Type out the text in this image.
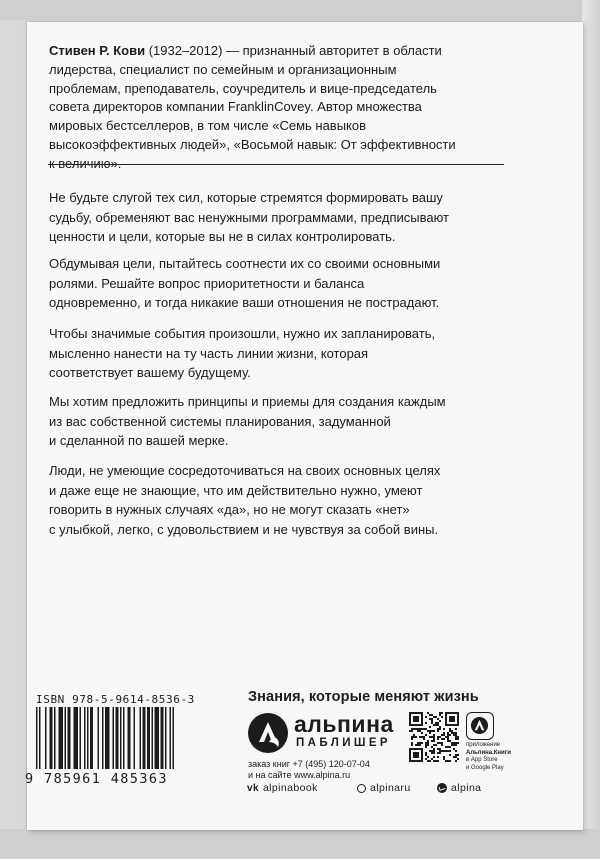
Стивен Р. Кови (1932–2012) — признанный авторитет в области
лидерства, специалист по семейным и организационным
проблемам, преподаватель, соучредитель и вице-председатель
совета директоров компании FranklinCovey. Автор множества
мировых бестселлеров, в том числе «Семь навыков
высокоэффективных людей», «Восьмой навык: От эффективности
к величию».

Не будьте слугой тех сил, которые стремятся формировать вашу
судьбу, обременяют вас ненужными программами, предписывают
ценности и цели, которые вы не в силах контролировать.

Обдумывая цели, пытайтесь соотнести их со своими основными
ролями. Решайте вопрос приоритетности и баланса
одновременно, и тогда никакие ваши отношения не пострадают.

Чтобы значимые события произошли, нужно их запланировать,
мысленно нанести на ту часть линии жизни, которая
соответствует вашему будущему.

Мы хотим предложить принципы и приемы для создания каждым
из вас собственной системы планирования, задуманной
и сделанной по вашей мерке.

Люди, не умеющие сосредоточиваться на своих основных целях
и даже еще не знающие, что им действительно нужно, умеют
говорить в нужных случаях «да», но не могут сказать «нет»
с улыбкой, легко, с удовольствием и не чувствуя за собой вины.

ISBN 978-5-9614-8536-3
9 785961 485363
Знания, которые меняют жизнь
альпина
ПАБЛИШЕР	приложение
Альпина.Книги
в App Store
и Google Play
заказ книг +7 (495) 120-07-04
и на сайте www.alpina.ru
vk alpinabook	alpinaru	alpina
